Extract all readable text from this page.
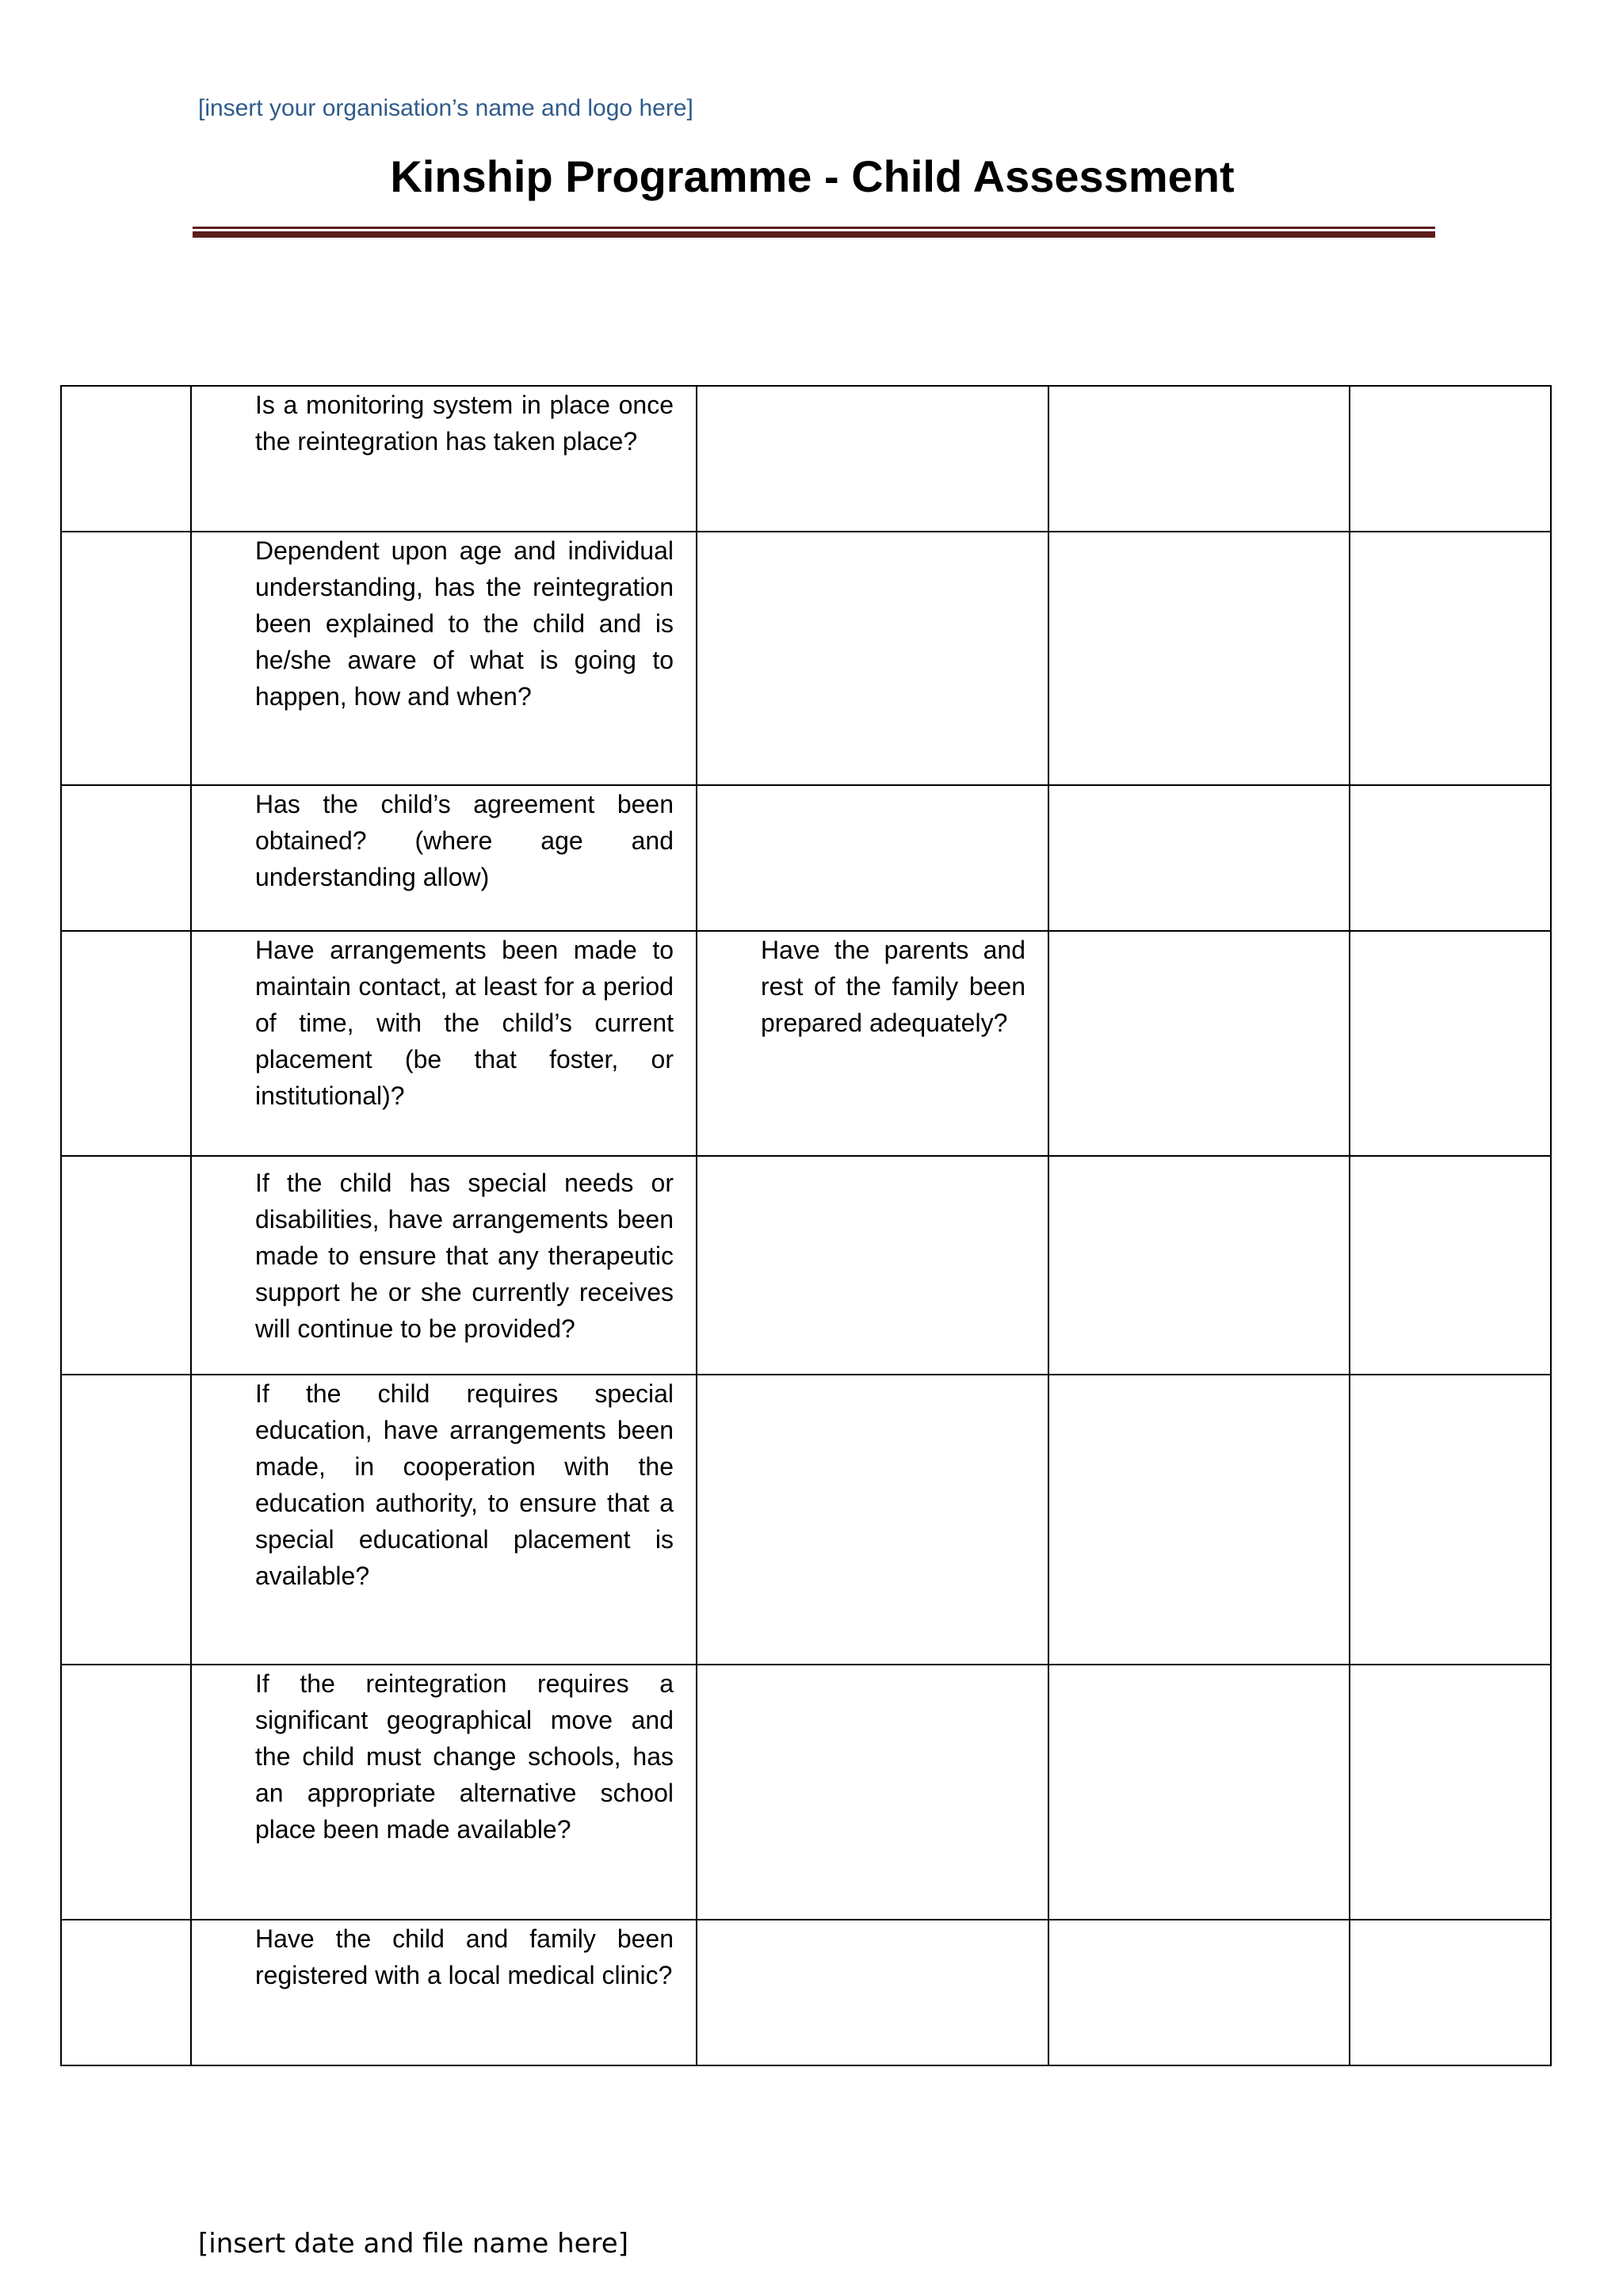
[insert your organisation’s name and logo here]
Kinship Programme - Child Assessment

	Is a monitoring system in place once the reintegration has taken place?			

	Dependent upon age and individual understanding, has the reintegration been explained to the child and is he/she aware of what is going to happen, how and when?			

	Has the child’s agreement been obtained? (where age and understanding allow)			

	Have arrangements been made to maintain contact, at least for a period of time, with the child’s current placement (be that foster, or institutional)?	Have the parents and rest of the family been prepared adequately?		

	If the child has special needs or disabilities, have arrangements been made to ensure that any therapeutic support he or she currently receives will continue to be provided?			

	If the child requires special education, have arrangements been made, in cooperation with the education authority, to ensure that a special educational placement is available?			

	If the reintegration requires a significant geographical move and the child must change schools, has an appropriate alternative school place been made available?			

	Have the child and family been registered with a local medical clinic?			

[insert date and file name here]
